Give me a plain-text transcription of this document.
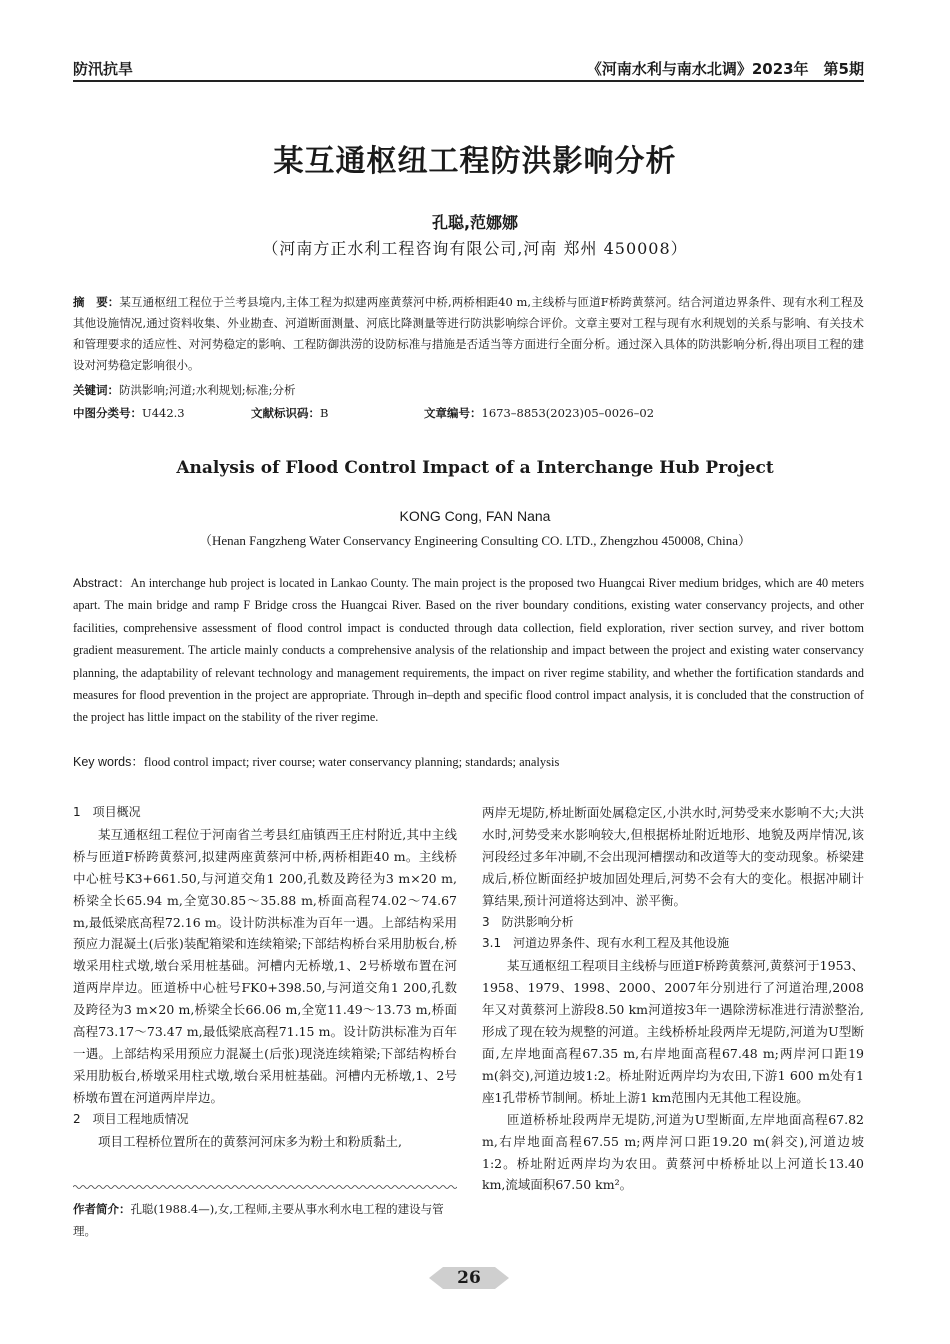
防汛抗旱	《河南水利与南水北调》2023年　第5期
某互通枢纽工程防洪影响分析
孔聪,范娜娜
（河南方正水利工程咨询有限公司,河南 郑州 450008）
摘　要：某互通枢纽工程位于兰考县境内,主体工程为拟建两座黄蔡河中桥,两桥相距40 m,主线桥与匝道F桥跨黄蔡河。结合河道边界条件、现有水利工程及其他设施情况,通过资料收集、外业勘查、河道断面测量、河底比降测量等进行防洪影响综合评价。文章主要对工程与现有水利规划的关系与影响、有关技术和管理要求的适应性、对河势稳定的影响、工程防御洪涝的设防标准与措施是否适当等方面进行全面分析。通过深入具体的防洪影响分析,得出项目工程的建设对河势稳定影响很小。
关键词：防洪影响;河道;水利规划;标准;分析
中图分类号：U442.3	文献标识码：B	文章编号：1673–8853(2023)05–0026–02
Analysis of Flood Control Impact of a Interchange Hub Project
KONG Cong, FAN Nana
（Henan Fangzheng Water Conservancy Engineering Consulting CO. LTD., Zhengzhou 450008, China）
Abstract：An interchange hub project is located in Lankao County. The main project is the proposed two Huangcai River medium bridges, which are 40 meters apart. The main bridge and ramp F Bridge cross the Huangcai River. Based on the river boundary conditions, existing water conservancy projects, and other facilities, comprehensive assessment of flood control impact is conducted through data collection, field exploration, river section survey, and river bottom gradient measurement. The article mainly conducts a comprehensive analysis of the relationship and impact between the project and existing water conservancy planning, the adaptability of relevant technology and management requirements, the impact on river regime stability, and whether the fortification standards and measures for flood prevention in the project are appropriate. Through in–depth and specific flood control impact analysis, it is concluded that the construction of the project has little impact on the stability of the river regime.
Key words：flood control impact; river course; water conservancy planning; standards; analysis

1　项目概况

某互通枢纽工程位于河南省兰考县红庙镇西王庄村附近,其中主线桥与匝道F桥跨黄蔡河,拟建两座黄蔡河中桥,两桥相距40 m。主线桥中心桩号K3+661.50,与河道交角1 200,孔数及跨径为3 m×20 m,桥梁全长65.94 m,全宽30.85～35.88 m,桥面高程74.02～74.67 m,最低梁底高程72.16 m。设计防洪标准为百年一遇。上部结构采用预应力混凝土(后张)装配箱梁和连续箱梁;下部结构桥台采用肋板台,桥墩采用柱式墩,墩台采用桩基础。河槽内无桥墩,1、2号桥墩布置在河道两岸岸边。匝道桥中心桩号FK0+398.50,与河道交角1 200,孔数及跨径为3 m×20 m,桥梁全长66.06 m,全宽11.49～13.73 m,桥面高程73.17～73.47 m,最低梁底高程71.15 m。设计防洪标准为百年一遇。上部结构采用预应力混凝土(后张)现浇连续箱梁;下部结构桥台采用肋板台,桥墩采用柱式墩,墩台采用桩基础。河槽内无桥墩,1、2号桥墩布置在河道两岸岸边。

2　项目工程地质情况

项目工程桥位置所在的黄蔡河河床多为粉土和粉质黏土,

作者简介：孔聪(1988.4—),女,工程师,主要从事水利水电工程的建设与管理。

两岸无堤防,桥址断面处属稳定区,小洪水时,河势受来水影响不大;大洪水时,河势受来水影响较大,但根据桥址附近地形、地貌及两岸情况,该河段经过多年冲刷,不会出现河槽摆动和改道等大的变动现象。桥梁建成后,桥位断面经护坡加固处理后,河势不会有大的变化。根据冲刷计算结果,预计河道将达到冲、淤平衡。

3　防洪影响分析

3.1　河道边界条件、现有水利工程及其他设施

某互通枢纽工程项目主线桥与匝道F桥跨黄蔡河,黄蔡河于1953、1958、1979、1998、2000、2007年分别进行了河道治理,2008年又对黄蔡河上游段8.50 km河道按3年一遇除涝标准进行清淤整治,形成了现在较为规整的河道。主线桥桥址段两岸无堤防,河道为U型断面,左岸地面高程67.35 m,右岸地面高程67.48 m;两岸河口距19 m(斜交),河道边坡1:2。桥址附近两岸均为农田,下游1 600 m处有1座1孔带桥节制闸。桥址上游1 km范围内无其他工程设施。

匝道桥桥址段两岸无堤防,河道为U型断面,左岸地面高程67.82 m,右岸地面高程67.55 m;两岸河口距19.20 m(斜交),河道边坡1:2。桥址附近两岸均为农田。黄蔡河中桥桥址以上河道长13.40 km,流域面积67.50 km²。

26
